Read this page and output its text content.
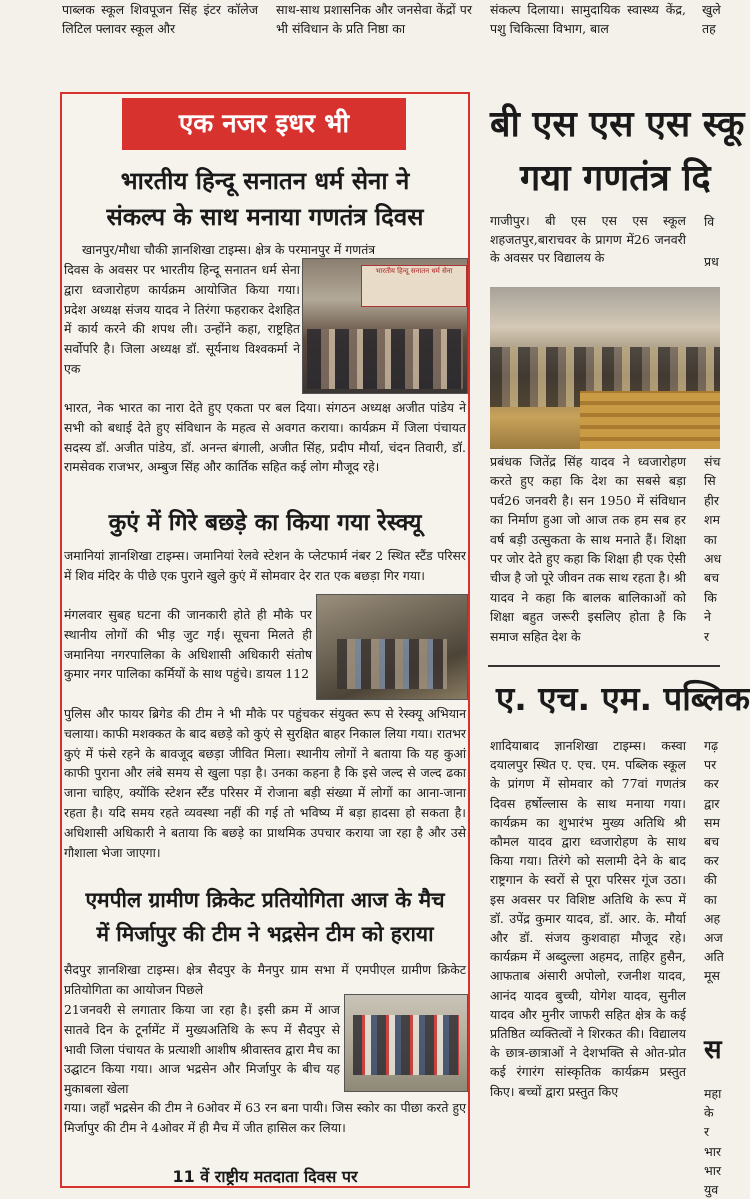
पाब्लक स्कूल शिवपूजन सिंह इंटर कॉलेज लिटिल फ्लावर स्कूल और
साथ-साथ प्रशासनिक और जनसेवा केंद्रों पर भी संविधान के प्रति निष्ठा का
संकल्प दिलाया। सामुदायिक स्वास्थ्य केंद्र, पशु चिकित्सा विभाग, बाल
खुले तह
एक नजर इधर भी
भारतीय हिन्दू सनातन धर्म सेना ने
संकल्प के साथ मनाया गणतंत्र दिवस
खानपुर/मौधा चौकी ज्ञानशिखा टाइम्स। क्षेत्र के परमानपुर में गणतंत्र
दिवस के अवसर पर भारतीय हिन्दू सनातन धर्म सेना द्वारा ध्वजारोहण कार्यक्रम आयोजित किया गया। प्रदेश अध्यक्ष संजय यादव ने तिरंगा फहराकर देशहित में कार्य करने की शपथ ली। उन्होंने कहा, राष्ट्रहित सर्वोपरि है। जिला अध्यक्ष डॉ. सूर्यनाथ विश्वकर्मा ने एक
भारतीय हिन्दू सनातन धर्म सेना
भारत, नेक भारत का नारा देते हुए एकता पर बल दिया। संगठन अध्यक्ष अजीत पांडेय ने सभी को बधाई देते हुए संविधान के महत्व से अवगत कराया। कार्यक्रम में जिला पंचायत सदस्य डॉ. अजीत पांडेय, डॉ. अनन्त बंगाली, अजीत सिंह, प्रदीप मौर्या, चंदन तिवारी, डॉ. रामसेवक राजभर, अम्बुज सिंह और कार्तिक सहित कई लोग मौजूद रहे।
कुएं में गिरे बछड़े का किया गया रेस्क्यू
जमानियां ज्ञानशिखा टाइम्स। जमानियां रेलवे स्टेशन के प्लेटफार्म नंबर 2 स्थित स्टैंड परिसर में शिव मंदिर के पीछे एक पुराने खुले कुएं में सोमवार देर रात एक बछड़ा गिर गया।
मंगलवार सुबह घटना की जानकारी होते ही मौके पर स्थानीय लोगों की भीड़ जुट गई। सूचना मिलते ही जमानिया नगरपालिका के अधिशासी अधिकारी संतोष कुमार नगर पालिका कर्मियों के साथ पहुंचे। डायल 112
पुलिस और फायर ब्रिगेड की टीम ने भी मौके पर पहुंचकर संयुक्त रूप से रेस्क्यू अभियान चलाया। काफी मशक्कत के बाद बछड़े को कुएं से सुरक्षित बाहर निकाल लिया गया। रातभर कुएं में फंसे रहने के बावजूद बछड़ा जीवित मिला। स्थानीय लोगों ने बताया कि यह कुआं काफी पुराना और लंबे समय से खुला पड़ा है। उनका कहना है कि इसे जल्द से जल्द ढका जाना चाहिए, क्योंकि स्टेशन स्टैंड परिसर में रोजाना बड़ी संख्या में लोगों का आना-जाना रहता है। यदि समय रहते व्यवस्था नहीं की गई तो भविष्य में बड़ा हादसा हो सकता है। अधिशासी अधिकारी ने बताया कि बछड़े का प्राथमिक उपचार कराया जा रहा है और उसे गौशाला भेजा जाएगा।
एमपील ग्रामीण क्रिकेट प्रतियोगिता आज के मैच
में मिर्जापुर की टीम ने भद्रसेन टीम को हराया
सैदपुर ज्ञानशिखा टाइम्स। क्षेत्र सैदपुर के मैनपुर ग्राम सभा में एमपीएल ग्रामीण क्रिकेट प्रतियोगिता का आयोजन पिछले
21जनवरी से लगातार किया जा रहा है। इसी क्रम में आज सातवे दिन के टूर्नामेंट में मुख्यअतिथि के रूप में सैदपुर से भावी जिला पंचायत के प्रत्याशी आशीष श्रीवास्तव द्वारा मैच का उद्घाटन किया गया। आज भद्रसेन और मिर्जापुर के बीच यह मुकाबला खेला
गया। जहाँ भद्रसेन की टीम ने 6ओवर में 63 रन बना पायी। जिस स्कोर का पीछा करते हुए मिर्जापुर की टीम ने 4ओवर में ही मैच में जीत हासिल कर लिया।
11 वें राष्ट्रीय मतदाता दिवस पर
बी एस एस एस स्कू
गया गणतंत्र दि
गाजीपुर। बी एस एस एस स्कूल शहजतपुर,बाराचवर के प्रागण में26 जनवरी के अवसर पर विद्यालय के
वि
प्रध
प्रबंधक जितेंद्र सिंह यादव ने ध्वजारोहण करते हुए कहा कि देश का सबसे बड़ा पर्व26 जनवरी है। सन 1950 में संविधान का निर्माण हुआ जो आज तक हम सब हर वर्ष बड़ी उत्सुकता के साथ मनाते हैं। शिक्षा पर जोर देते हुए कहा कि शिक्षा ही एक ऐसी चीज है जो पूरे जीवन तक साथ रहता है। श्री यादव ने कहा कि बालक बालिकाओं को शिक्षा बहुत जरूरी इसलिए होता है कि समाज सहित देश के
संच सि हीर शम का अध बच कि ने र
ए. एच. एम. पब्लिक
शादियाबाद ज्ञानशिखा टाइम्स। कस्वा दयालपुर स्थित ए. एच. एम. पब्लिक स्कूल के प्रांगण में सोमवार को 77वां गणतंत्र दिवस हर्षोल्लास के साथ मनाया गया। कार्यक्रम का शुभारंभ मुख्य अतिथि श्री कौमल यादव द्वारा ध्वजारोहण के साथ किया गया। तिरंगे को सलामी देने के बाद राष्ट्रगान के स्वरों से पूरा परिसर गूंज उठा। इस अवसर पर विशिष्ट अतिथि के रूप में डॉ. उपेंद्र कुमार यादव, डॉ. आर. के. मौर्या और डॉ. संजय कुशवाहा मौजूद रहे। कार्यक्रम में अब्दुल्ला अहमद, ताहिर हुसैन, आफताब अंसारी अपोलो, रजनीश यादव, आनंद यादव बुच्ची, योगेश यादव, सुनील यादव और मुनीर जाफरी सहित क्षेत्र के कई प्रतिष्ठित व्यक्तित्वों ने शिरकत की। विद्यालय के छात्र-छात्राओं ने देशभक्ति से ओत-प्रोत कई रंगारंग सांस्कृतिक कार्यक्रम प्रस्तुत किए। बच्चों द्वारा प्रस्तुत किए
गढ़ पर कर द्वार सम बच कर की का अह अज अति मूस
स
महा के र भार भार युव
